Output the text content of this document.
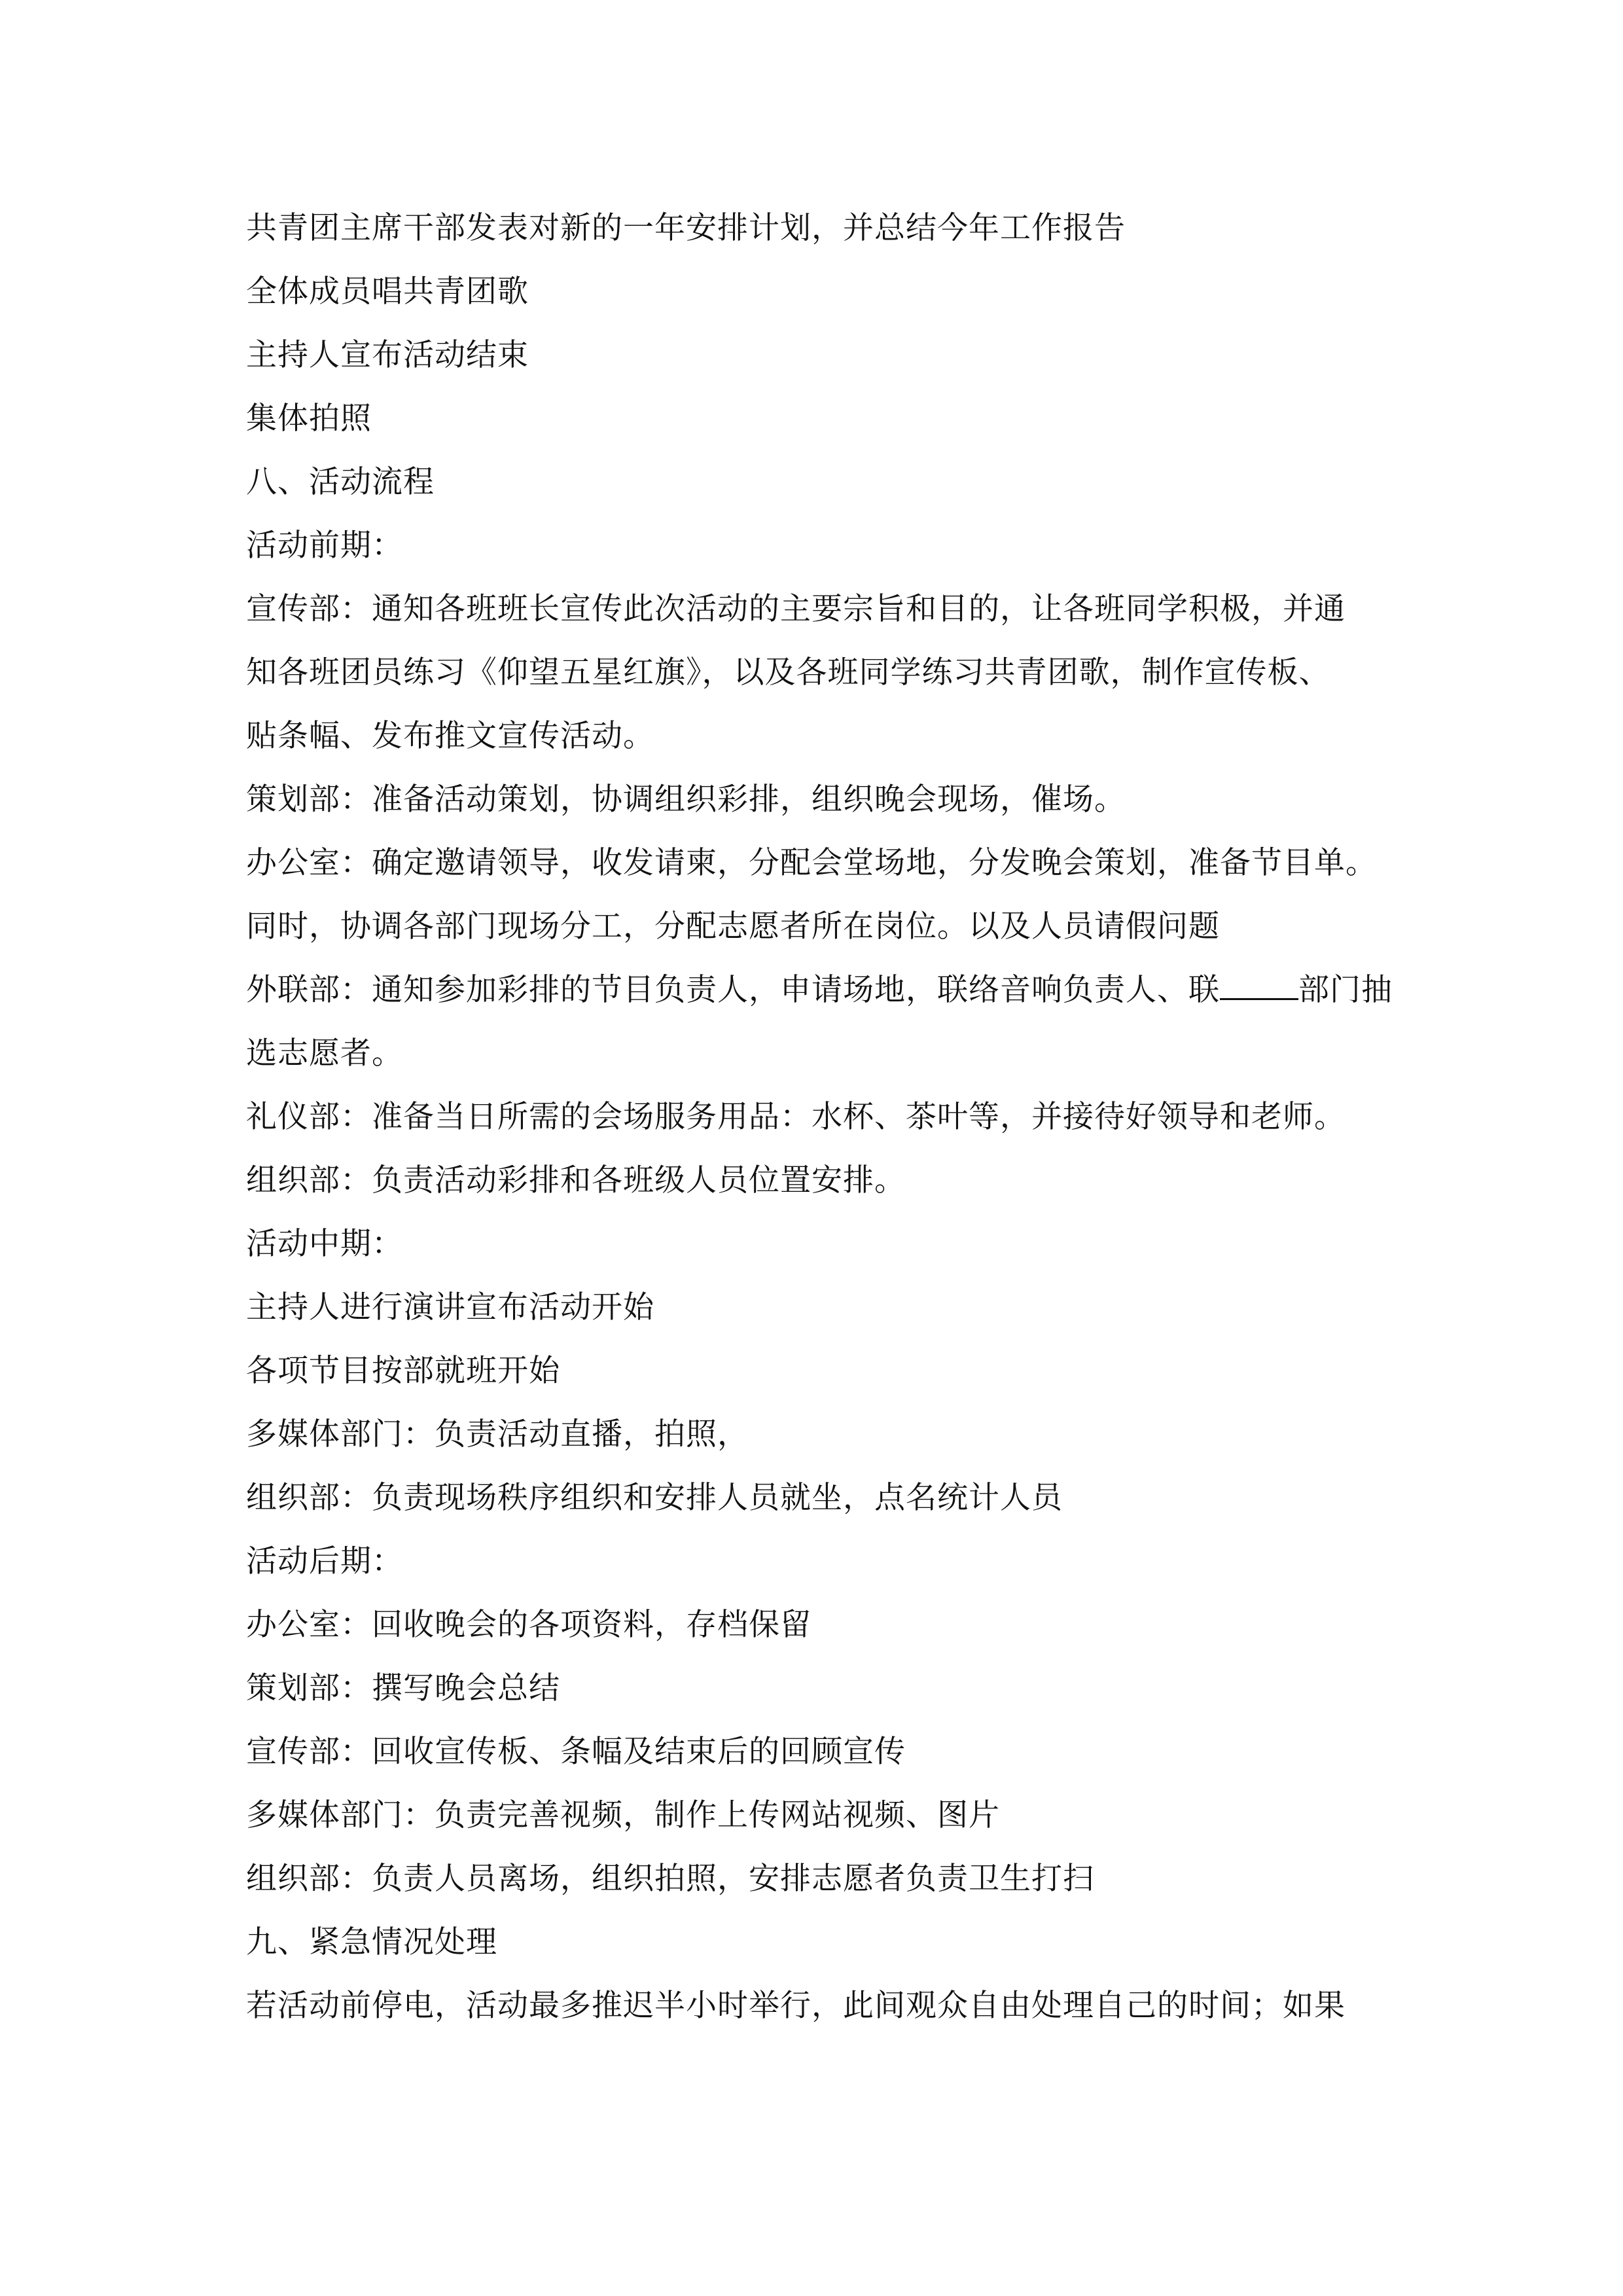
共青团主席干部发表对新的一年安排计划，并总结今年工作报告
全体成员唱共青团歌
主持人宣布活动结束
集体拍照
八、活动流程
活动前期：
宣传部：通知各班班长宣传此次活动的主要宗旨和目的，让各班同学积极，并通
知各班团员练习《仰望五星红旗》，以及各班同学练习共青团歌，制作宣传板、
贴条幅、发布推文宣传活动。
策划部：准备活动策划，协调组织彩排，组织晚会现场，催场。
办公室：确定邀请领导，收发请柬，分配会堂场地，分发晚会策划，准备节目单。
同时，协调各部门现场分工，分配志愿者所在岗位。以及人员请假问题
外联部：通知参加彩排的节目负责人，申请场地，联络音响负责人、联	部门抽
选志愿者。
礼仪部：准备当日所需的会场服务用品：水杯、茶叶等，并接待好领导和老师。
组织部：负责活动彩排和各班级人员位置安排。
活动中期：
主持人进行演讲宣布活动开始
各项节目按部就班开始
多媒体部门：负责活动直播，拍照，
组织部：负责现场秩序组织和安排人员就坐，点名统计人员
活动后期：
办公室：回收晚会的各项资料，存档保留
策划部：撰写晚会总结
宣传部：回收宣传板、条幅及结束后的回顾宣传
多媒体部门：负责完善视频，制作上传网站视频、图片
组织部：负责人员离场，组织拍照，安排志愿者负责卫生打扫
九、紧急情况处理
若活动前停电，活动最多推迟半小时举行，此间观众自由处理自己的时间；如果
